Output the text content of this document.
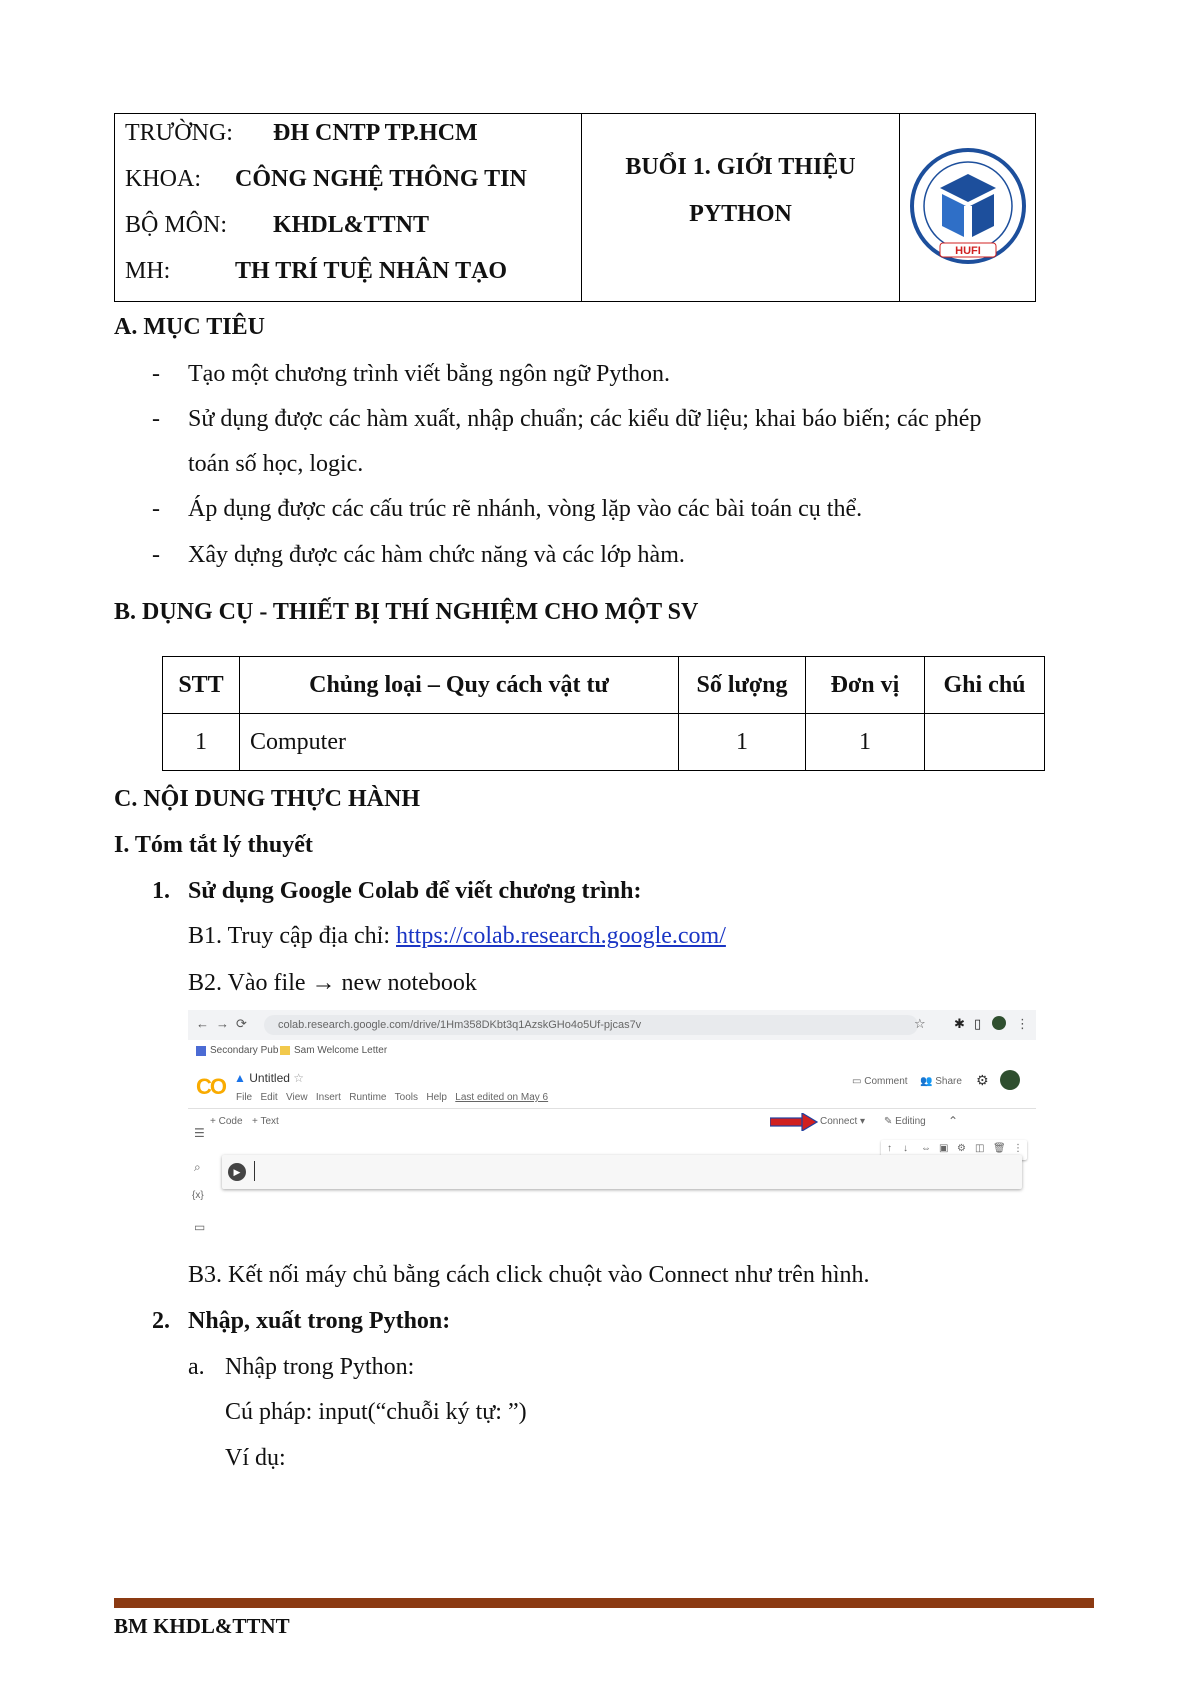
TRƯỜNG: ĐH CNTP TP.HCM
KHOA: CÔNG NGHỆ THÔNG TIN
BỘ MÔN: KHDL&TTNT
MH:	TH TRÍ TUỆ NHÂN TẠO
BUỔI 1. GIỚI THIỆU
PYTHON
HUFI
A. MỤC TIÊU
- Tạo một chương trình viết bằng ngôn ngữ Python.
- Sử dụng được các hàm xuất, nhập chuẩn; các kiểu dữ liệu; khai báo biến; các phép
toán số học, logic.
- Áp dụng được các cấu trúc rẽ nhánh, vòng lặp vào các bài toán cụ thể.
- Xây dựng được các hàm chức năng và các lớp hàm.
B. DỤNG CỤ - THIẾT BỊ THÍ NGHIỆM CHO MỘT SV
STT	Chủng loại – Quy cách vật tư	Số lượng	Đơn vị	Ghi chú
1	Computer	1	1	
C. NỘI DUNG THỰC HÀNH
I. Tóm tắt lý thuyết
1. Sử dụng Google Colab để viết chương trình:
B1. Truy cập địa chỉ: https://colab.research.google.com/
B2. Vào file → new notebook
← → ⟳	colab.research.google.com/drive/1Hm358DKbt3q1AzskGHo4o5Uf-pjcas7v	☆ ✱ ▯	⋮
Secondary Pub Sam Welcome Letter
CO ▲ Untitled ☆
File Edit View Insert Runtime Tools Help Last edited on May 6
▭ Comment 👥 Share ⚙
+ Code + Text	Connect ▾ ✎ Editing ⌃
☰
⌕
{x}
▭
↑ ↓ ⇔ ▣ ⚙ ◫ 🗑 ⋮
▶
B3. Kết nối máy chủ bằng cách click chuột vào Connect như trên hình.
2. Nhập, xuất trong Python:
a. Nhập trong Python:
Cú pháp: input(“chuỗi ký tự: ”)
Ví dụ:
BM KHDL&TTNT
